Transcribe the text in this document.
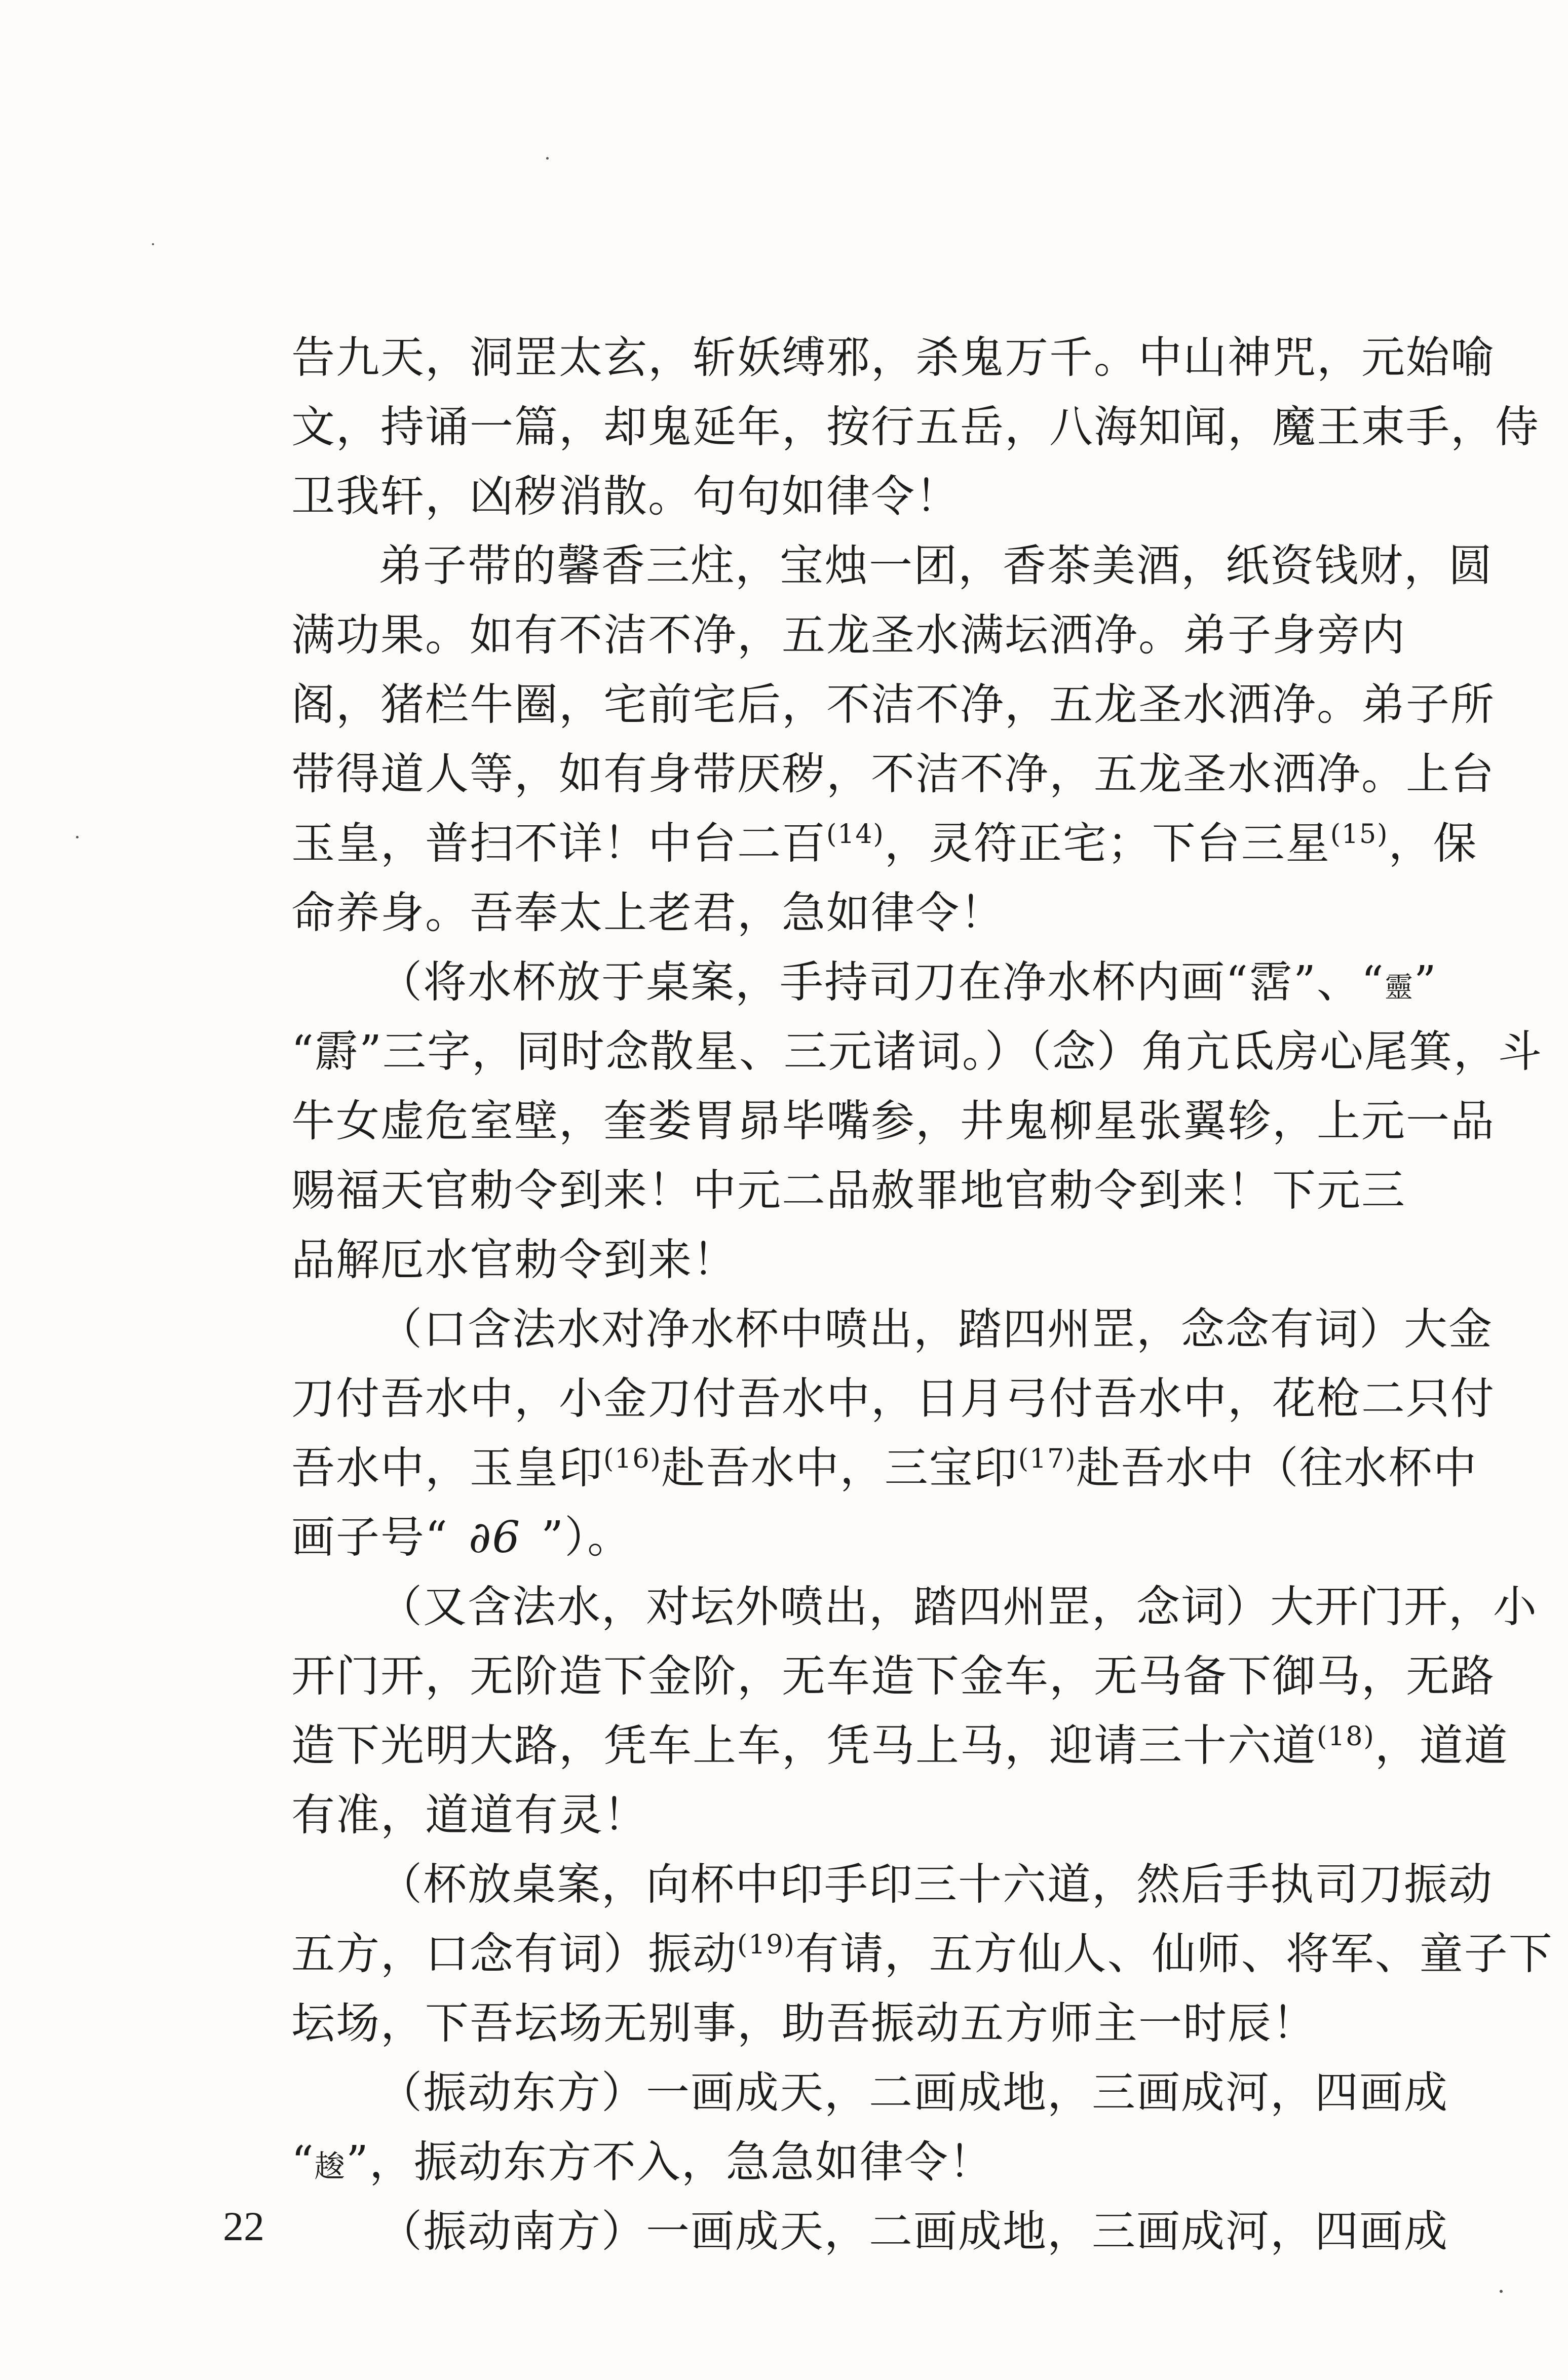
告九天，洞罡太玄，斩妖缚邪，杀鬼万千。中山神咒，元始喻
文，持诵一篇，却鬼延年，按行五岳，八海知闻，魔王束手，侍
卫我轩，凶秽消散。句句如律令！
弟子带的馨香三炷，宝烛一团，香茶美酒，纸资钱财，圆
满功果。如有不洁不净，五龙圣水满坛洒净。弟子身旁内
阁，猪栏牛圈，宅前宅后，不洁不净，五龙圣水洒净。弟子所
带得道人等，如有身带厌秽，不洁不净，五龙圣水洒净。上台
玉皇，普扫不详！中台二百$^{(14)}$，灵符正宅；下台三星$^{(15)}$，保
命养身。吾奉太上老君，急如律令！
（将水杯放于桌案，手持司刀在净水杯内画“霑”、“靈”
“霨”三字，同时念散星、三元诸词。）（念）角亢氐房心尾箕，斗
牛女虚危室壁，奎娄胃昴毕嘴参，井鬼柳星张翼轸，上元一品
赐福天官勅令到来！中元二品赦罪地官勅令到来！下元三
品解厄水官勅令到来！
（口含法水对净水杯中喷出，踏四州罡，念念有词）大金
刀付吾水中，小金刀付吾水中，日月弓付吾水中，花枪二只付
吾水中，玉皇印$^{(16)}$赴吾水中，三宝印$^{(17)}$赴吾水中（往水杯中
画子号“ ∂6 ”）。
（又含法水，对坛外喷出，踏四州罡，念词）大开门开，小
开门开，无阶造下金阶，无车造下金车，无马备下御马，无路
造下光明大路，凭车上车，凭马上马，迎请三十六道$^{(18)}$，道道
有准，道道有灵！
（杯放桌案，向杯中印手印三十六道，然后手执司刀振动
五方，口念有词）振动$^{(19)}$有请，五方仙人、仙师、将军、童子下
坛场，下吾坛场无别事，助吾振动五方师主一时辰！
（振动东方）一画成天，二画成地，三画成河，四画成
“䞭”，振动东方不入，急急如律令！
（振动南方）一画成天，二画成地，三画成河，四画成
22
